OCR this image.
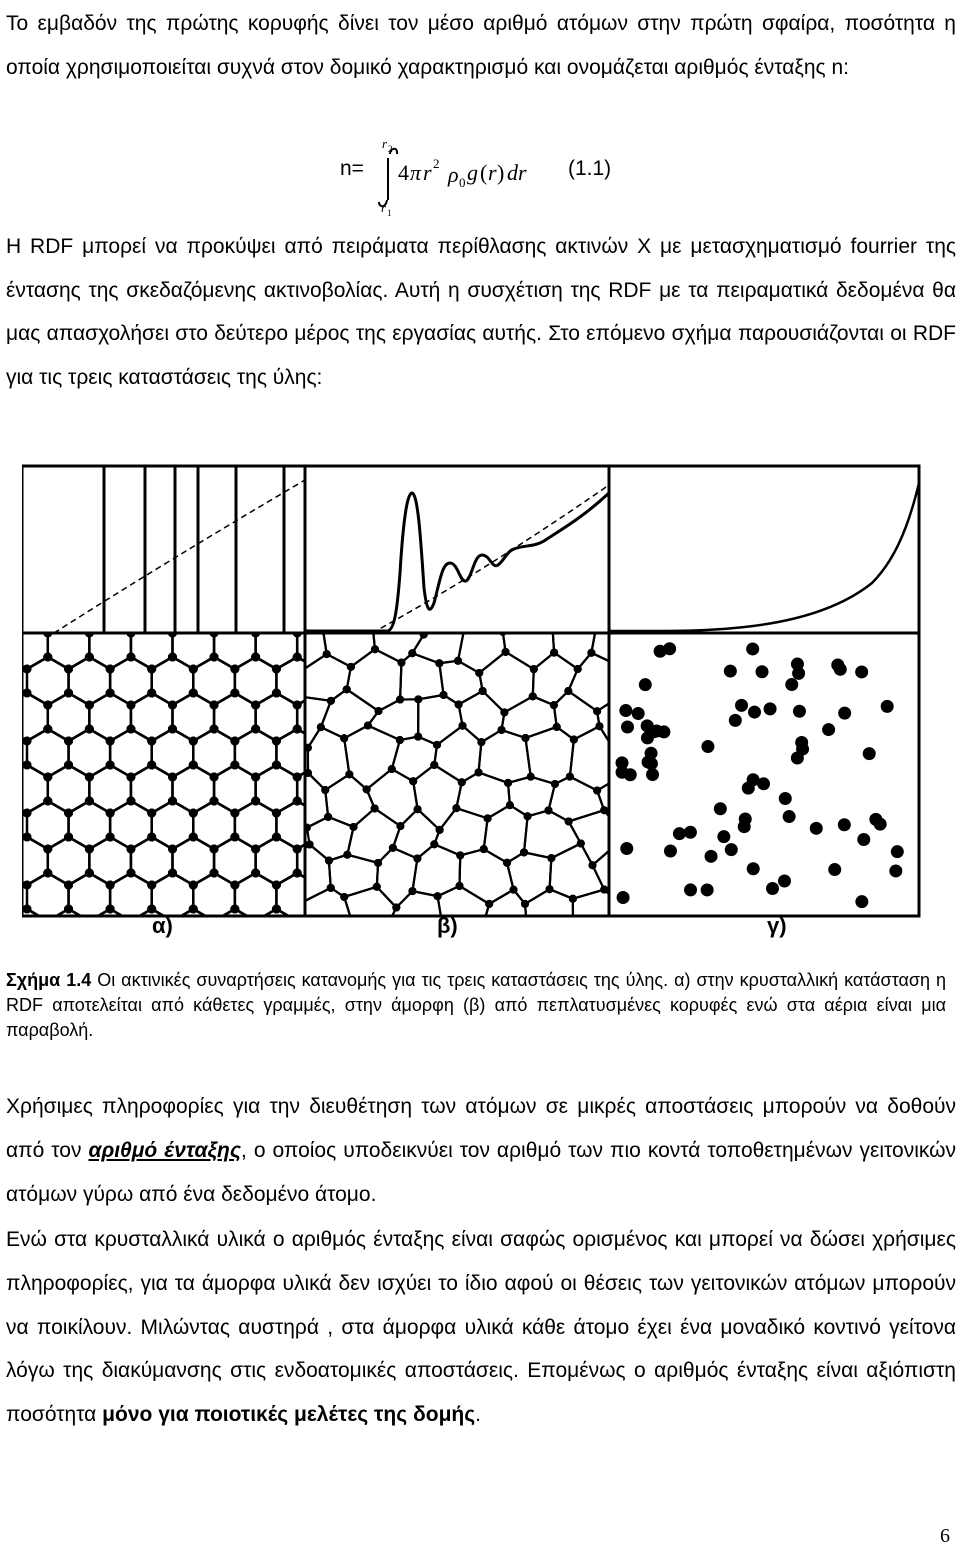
Το εμβαδόν της πρώτης κορυφής δίνει τον μέσο αριθμό ατόμων στην πρώτη σφαίρα, ποσότητα η οποία χρησιμοποιείται συχνά στον δομικό χαρακτηρισμό και ονομάζεται αριθμός ένταξης n:
n=
r 2
r 1
4 π r 2 ρ 0 g ( r ) dr (1.1)
H RDF μπορεί να προκύψει από πειράματα περίθλασης ακτινών Χ με μετασχηματισμό fourrier της έντασης της σκεδαζόμενης ακτινοβολίας. Αυτή η συσχέτιση της RDF με τα πειραματικά δεδομένα θα μας απασχολήσει στο δεύτερο μέρος της εργασίας αυτής. Στο επόμενο σχήμα παρουσιάζονται οι RDF για τις τρεις καταστάσεις της ύλης:
α)	β)	γ)
Σχήμα 1.4 Οι ακτινικές συναρτήσεις κατανομής για τις τρεις καταστάσεις της ύλης. α) στην κρυσταλλική κατάσταση η RDF αποτελείται από κάθετες γραμμές, στην άμορφη (β) από πεπλατυσμένες κορυφές ενώ στα αέρια είναι μια παραβολή.
Χρήσιμες πληροφορίες για την διευθέτηση των ατόμων σε μικρές αποστάσεις μπορούν να δοθούν από τον αριθμό ένταξης, ο οποίος υποδεικνύει τον αριθμό των πιο κοντά τοποθετημένων γειτονικών ατόμων γύρω από ένα δεδομένο άτομο.
Ενώ στα κρυσταλλικά υλικά ο αριθμός ένταξης είναι σαφώς ορισμένος και μπορεί να δώσει χρήσιμες πληροφορίες, για τα άμορφα υλικά δεν ισχύει το ίδιο αφού οι θέσεις των γειτονικών ατόμων μπορούν να ποικίλουν. Μιλώντας αυστηρά , στα άμορφα υλικά κάθε άτομο έχει ένα μοναδικό κοντινό γείτονα λόγω της διακύμανσης στις ενδοατομικές αποστάσεις. Επομένως ο αριθμός ένταξης είναι αξιόπιστη ποσότητα μόνο για ποιοτικές μελέτες της δομής.
6
